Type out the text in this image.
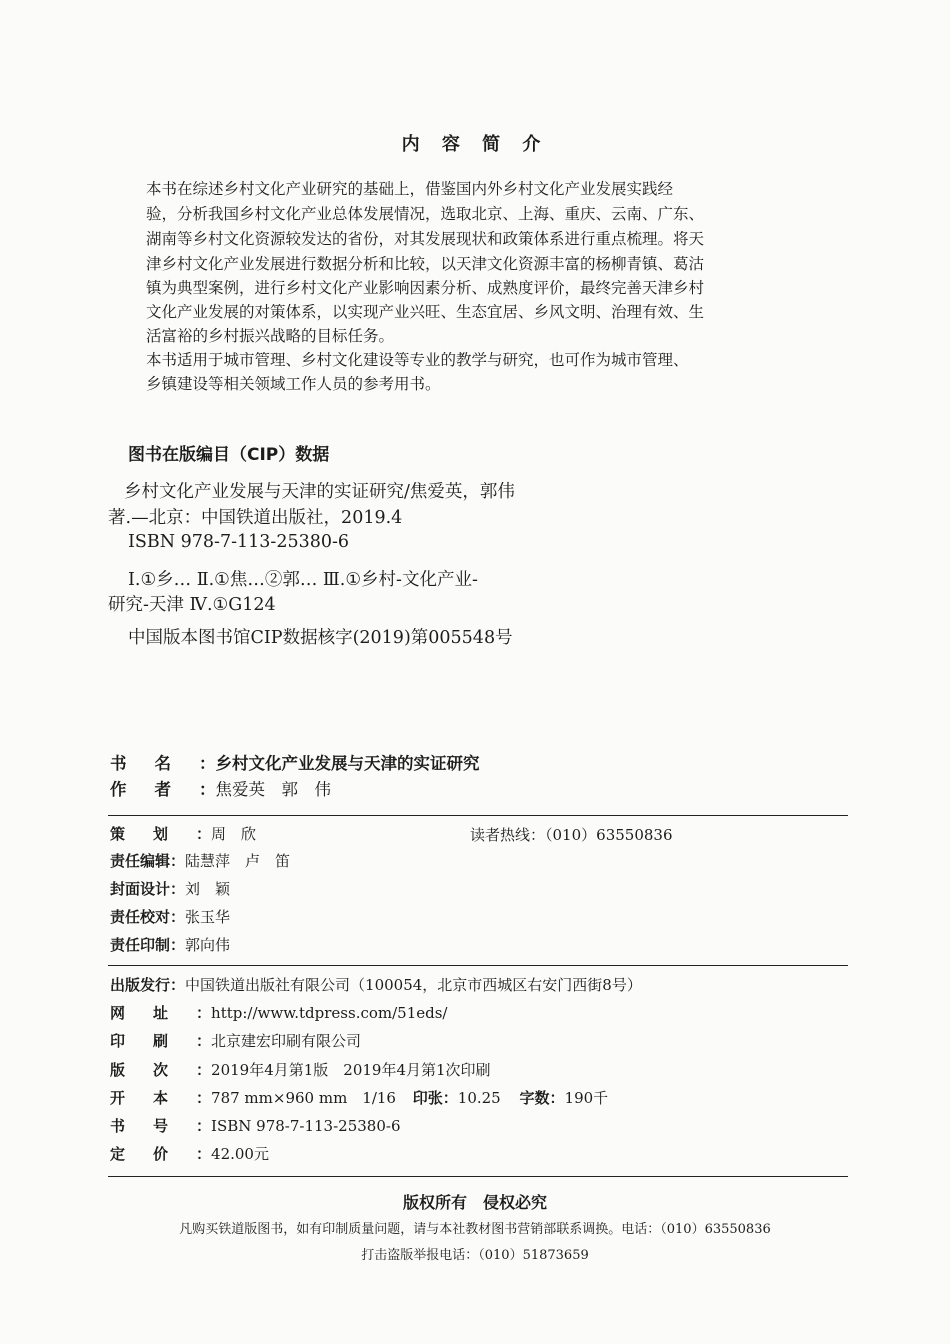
内 容 简 介
本书在综述乡村文化产业研究的基础上，借鉴国内外乡村文化产业发展实践经
验，分析我国乡村文化产业总体发展情况，选取北京、上海、重庆、云南、广东、
湖南等乡村文化资源较发达的省份，对其发展现状和政策体系进行重点梳理。将天
津乡村文化产业发展进行数据分析和比较，以天津文化资源丰富的杨柳青镇、葛沽
镇为典型案例，进行乡村文化产业影响因素分析、成熟度评价，最终完善天津乡村
文化产业发展的对策体系，以实现产业兴旺、生态宜居、乡风文明、治理有效、生
活富裕的乡村振兴战略的目标任务。
本书适用于城市管理、乡村文化建设等专业的教学与研究，也可作为城市管理、
乡镇建设等相关领域工作人员的参考用书。
图书在版编目（CIP）数据
乡村文化产业发展与天津的实证研究/焦爱英，郭伟
著.—北京：中国铁道出版社，2019.4
ISBN 978-7-113-25380-6
Ⅰ.①乡… Ⅱ.①焦…②郭… Ⅲ.①乡村-文化产业-
研究-天津 Ⅳ.①G124
中国版本图书馆CIP数据核字(2019)第005548号
书名：乡村文化产业发展与天津的实证研究
作者：焦爱英　郭　伟
策划：周　欣	读者热线：（010）63550836
责任编辑：陆慧萍　卢　笛
封面设计：刘　颖
责任校对：张玉华
责任印制：郭向伟
出版发行：中国铁道出版社有限公司（100054，北京市西城区右安门西街8号）
网址：http://www.tdpress.com/51eds/
印刷：北京建宏印刷有限公司
版次：2019年4月第1版　2019年4月第1次印刷
开本：787 mm×960 mm　1/16 印张：10.25 字数：190千
书号：ISBN 978-7-113-25380-6
定价：42.00元
版权所有　侵权必究
凡购买铁道版图书，如有印制质量问题，请与本社教材图书营销部联系调换。电话：（010）63550836
打击盗版举报电话：（010）51873659
